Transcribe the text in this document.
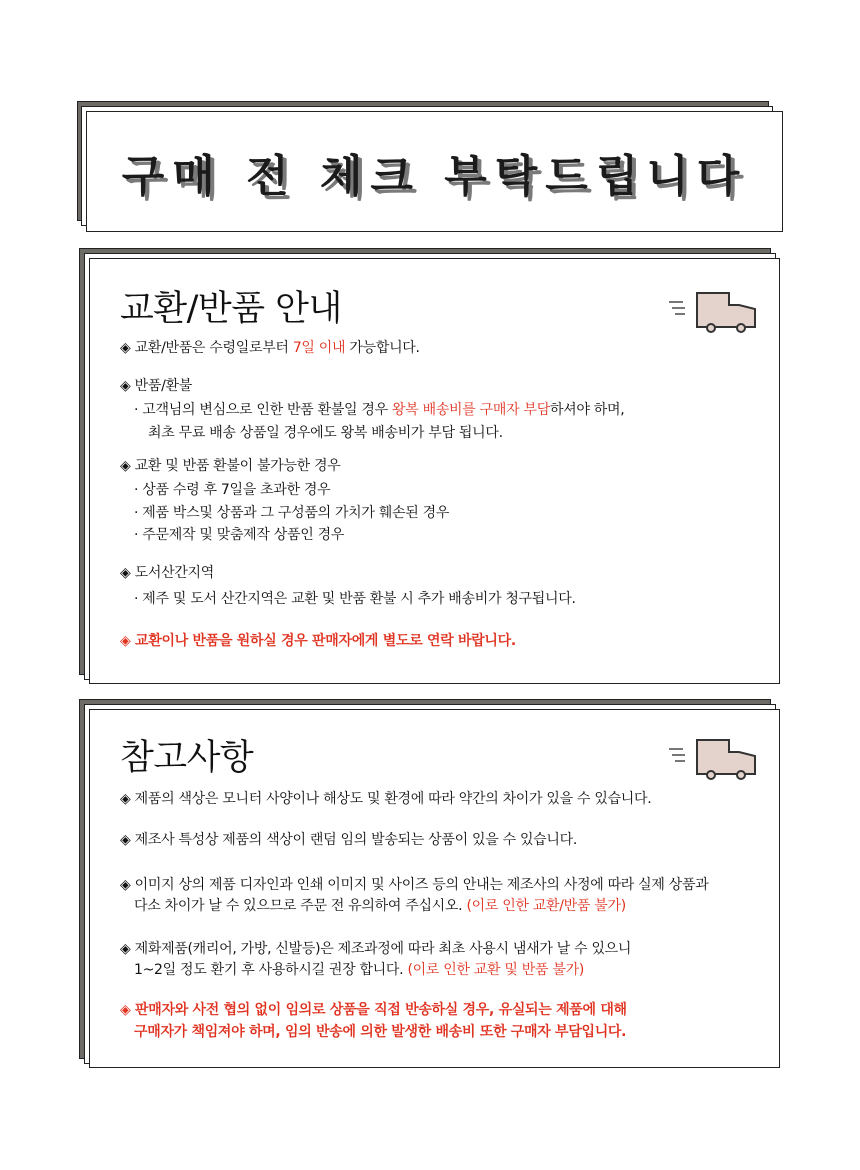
구매 전 체크 부탁드립니다
교환/반품 안내
◈ 교환/반품은 수령일로부터 7일 이내 가능합니다.
◈ 반품/환불
· 고객님의 변심으로 인한 반품 환불일 경우 왕복 배송비를 구매자 부담하셔야 하며,
최초 무료 배송 상품일 경우에도 왕복 배송비가 부담 됩니다.
◈ 교환 및 반품 환불이 불가능한 경우
· 상품 수령 후 7일을 초과한 경우
· 제품 박스및 상품과 그 구성품의 가치가 훼손된 경우
· 주문제작 및 맞춤제작 상품인 경우
◈ 도서산간지역
· 제주 및 도서 산간지역은 교환 및 반품 환불 시 추가 배송비가 청구됩니다.
◈ 교환이나 반품을 원하실 경우 판매자에게 별도로 연락 바랍니다.
참고사항
◈ 제품의 색상은 모니터 사양이나 해상도 및 환경에 따라 약간의 차이가 있을 수 있습니다.
◈ 제조사 특성상 제품의 색상이 랜덤 임의 발송되는 상품이 있을 수 있습니다.
◈ 이미지 상의 제품 디자인과 인쇄 이미지 및 사이즈 등의 안내는 제조사의 사정에 따라 실제 상품과
다소 차이가 날 수 있으므로 주문 전 유의하여 주십시오. (이로 인한 교환/반품 불가)
◈ 제화제품(캐리어, 가방, 신발등)은 제조과정에 따라 최초 사용시 냄새가 날 수 있으니
1~2일 정도 환기 후 사용하시길 권장 합니다. (이로 인한 교환 및 반품 불가)
◈ 판매자와 사전 협의 없이 임의로 상품을 직접 반송하실 경우, 유실되는 제품에 대해
구매자가 책임져야 하며, 임의 반송에 의한 발생한 배송비 또한 구매자 부담입니다.
